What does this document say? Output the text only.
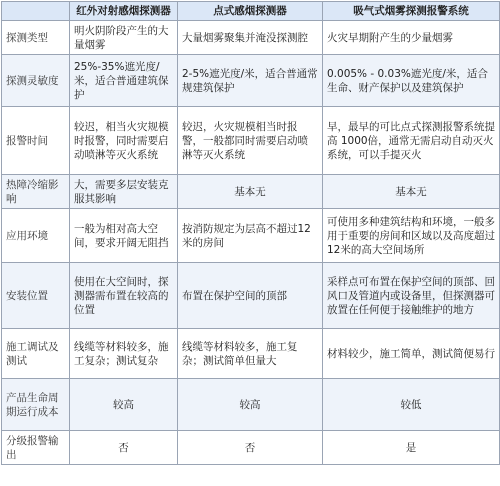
	红外对射感烟探测器	点式感烟探测器	吸气式烟雾探测报警系统
探测类型	明火阴阶段产生的大量烟雾	大量烟雾聚集并淹没探测腔	火灾早期附产生的少量烟雾
探测灵敏度	25%-35%遮光度/米，适合普通建筑保护	2-5%遮光度/米，适合普通常规建筑保护	0.005% - 0.03%遮光度/米，适合生命、财产保护以及建筑保护
报警时间	较迟，相当火灾规模时报警，同时需要启动喷淋等灭火系统	较迟，火灾规模相当时报警，一般都同时需要启动喷淋等灭火系统	早，最早的可比点式探测报警系统提高 1000倍，通常无需启动自动灭火系统，可以手提灭火
热障冷缩影响	大，需要多层安装克服其影响	基本无	基本无
应用环境	一般为相对高大空间，要求开阔无阻挡	按消防规定为层高不超过12米的房间	可使用多种建筑结构和环境，一般多用于重要的房间和区域以及高度超过12米的高大空间场所
安装位置	使用在大空间时，探测器需布置在较高的位置	布置在保护空间的顶部	采样点可布置在保护空间的顶部、回风口及管道内或设备里，但探测器可放置在任何便于接触维护的地方
施工调试及测试	线缆等材料较多，施工复杂；测试复杂	线缆等材料较多，施工复杂；测试简单但量大	材料较少，施工简单，测试简便易行
产品生命周期运行成本	较高	较高	较低
分级报警输出	否	否	是
